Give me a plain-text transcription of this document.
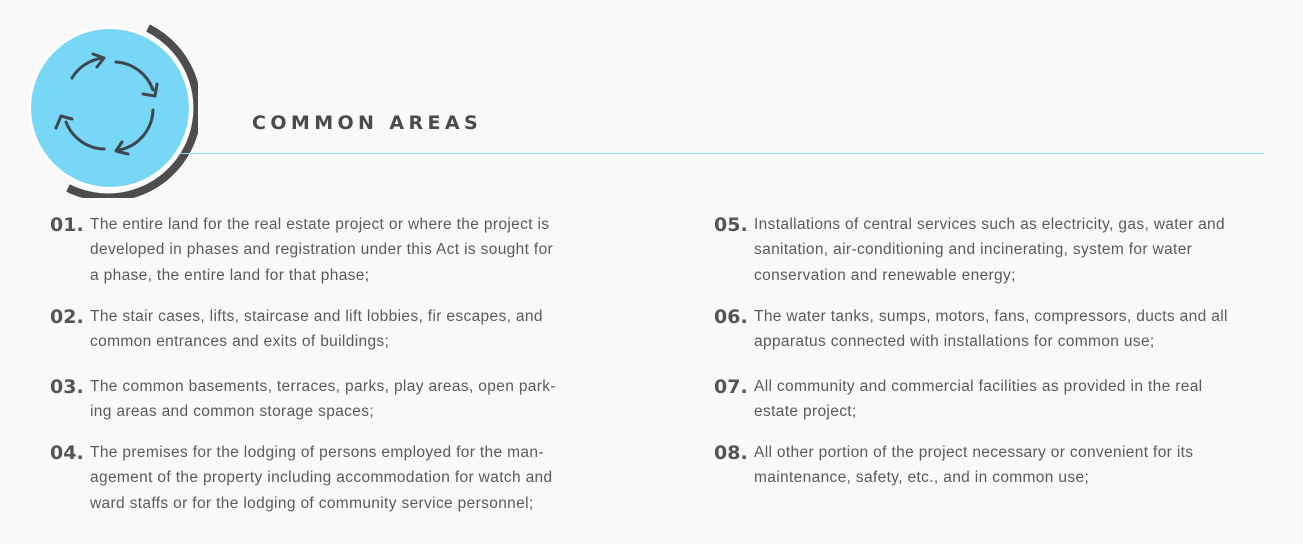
COMMON AREAS
01. The entire land for the real estate project or where the project is
developed in phases and registration under this Act is sought for
a phase, the entire land for that phase;
02. The stair cases, lifts, staircase and lift lobbies, fir escapes, and
common entrances and exits of buildings;
03. The common basements, terraces, parks, play areas, open park-
ing areas and common storage spaces;
04. The premises for the lodging of persons employed for the man-
agement of the property including accommodation for watch and
ward staffs or for the lodging of community service personnel;
05. Installations of central services such as electricity, gas, water and
sanitation, air-conditioning and incinerating, system for water
conservation and renewable energy;
06. The water tanks, sumps, motors, fans, compressors, ducts and all
apparatus connected with installations for common use;
07. All community and commercial facilities as provided in the real
estate project;
08. All other portion of the project necessary or convenient for its
maintenance, safety, etc., and in common use;
